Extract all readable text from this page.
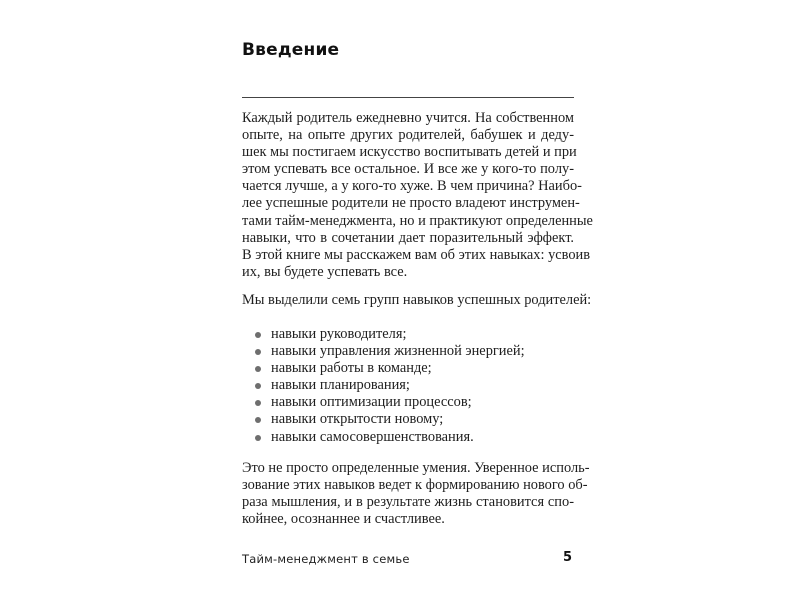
Введение
Каждый родитель ежедневно учится. На собственном
опыте, на опыте других родителей, бабушек и деду-
шек мы постигаем искусство воспитывать детей и при
этом успевать все остальное. И все же у кого-то полу-
чается лучше, а у кого-то хуже. В чем причина? Наибо-
лее успешные родители не просто владеют инструмен-
тами тайм-менеджмента, но и практикуют определенные
навыки, что в сочетании дает поразительный эффект.
В этой книге мы расскажем вам об этих навыках: усвоив
их, вы будете успевать все.
Мы выделили семь групп навыков успешных родителей:
навыки руководителя;
навыки управления жизненной энергией;
навыки работы в команде;
навыки планирования;
навыки оптимизации процессов;
навыки открытости новому;
навыки самосовершенствования.
Это не просто определенные умения. Уверенное исполь-
зование этих навыков ведет к формированию нового об-
раза мышления, и в результате жизнь становится спо-
койнее, осознаннее и счастливее.
Тайм-менеджмент в семье	5
